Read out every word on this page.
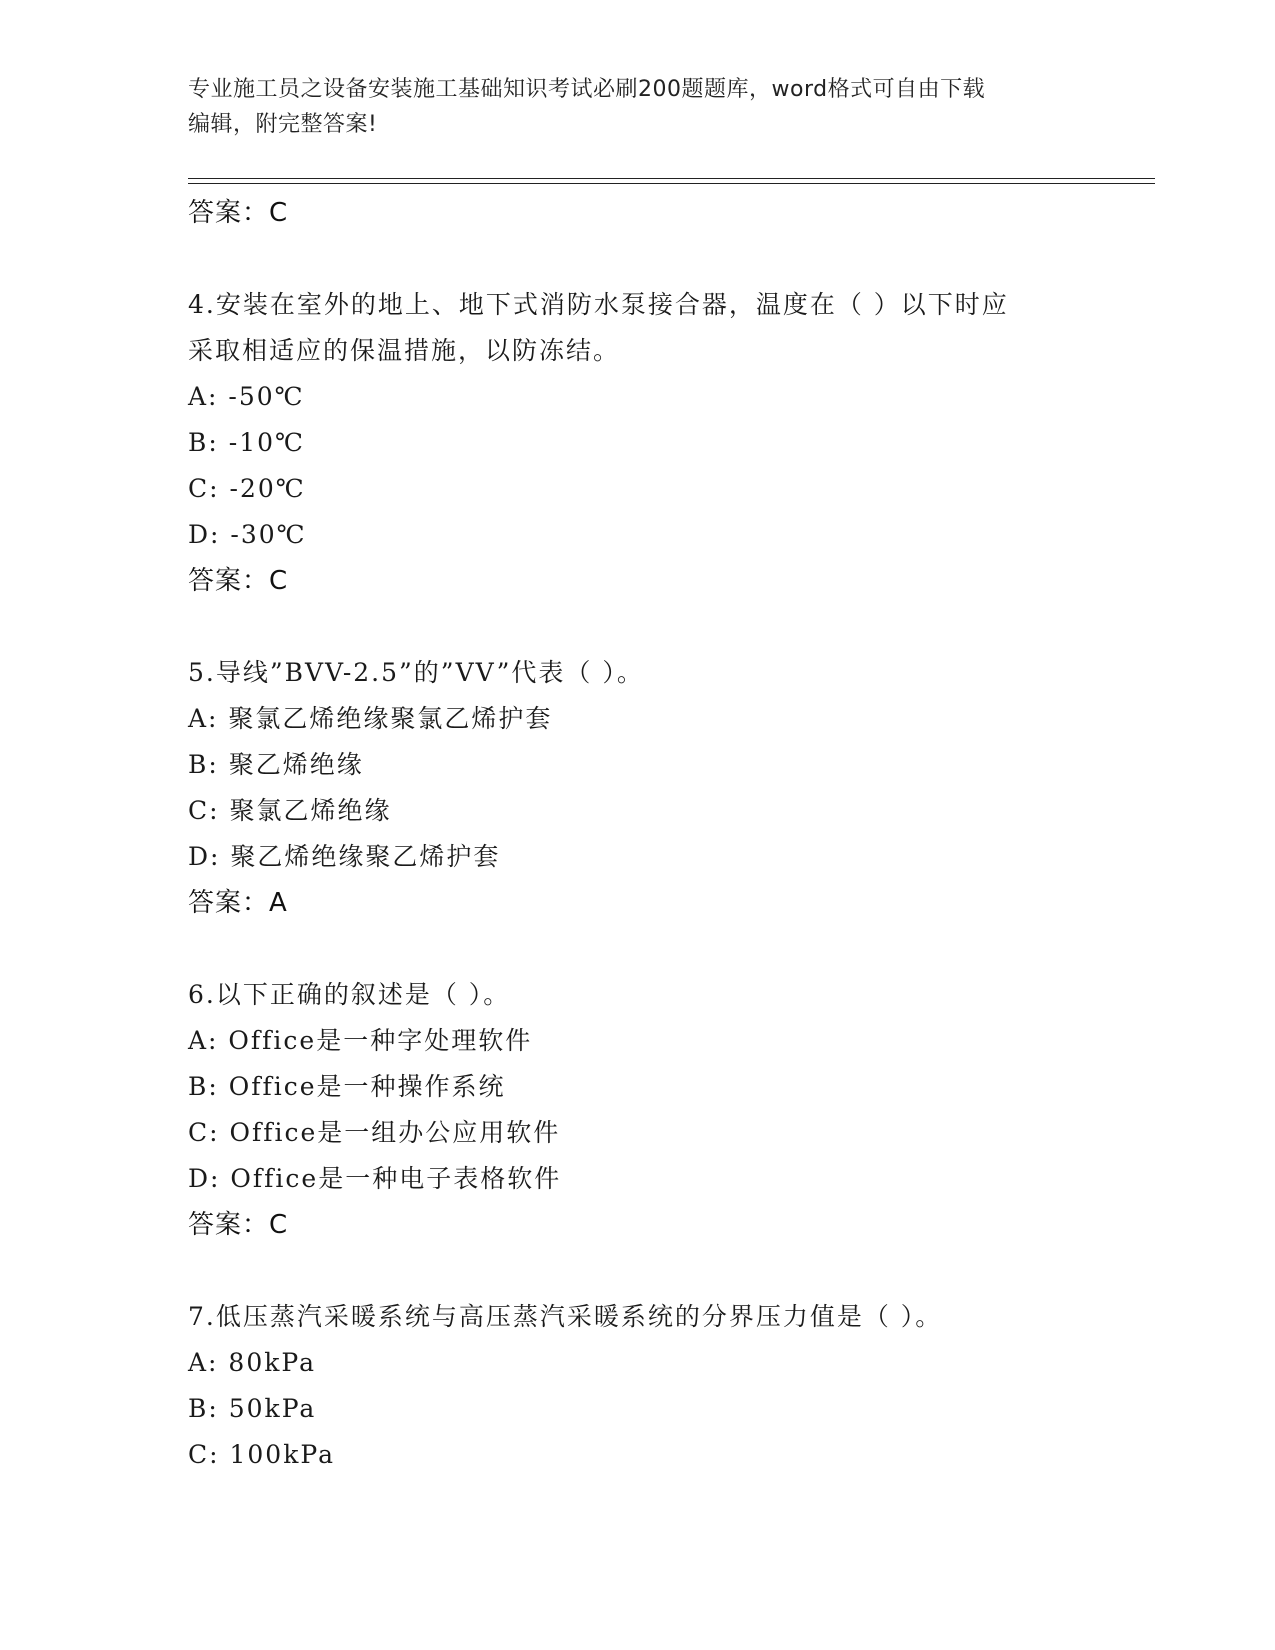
专业施工员之设备安装施工基础知识考试必刷200题题库，word格式可自由下载
编辑，附完整答案!
答案：C
4.安装在室外的地上、地下式消防水泵接合器，温度在（ ）以下时应
采取相适应的保温措施，以防冻结。
A: -50℃
B: -10℃
C: -20℃
D: -30℃
答案：C
5.导线”BVV-2.5”的”VV”代表（ ）。
A: 聚氯乙烯绝缘聚氯乙烯护套
B: 聚乙烯绝缘
C: 聚氯乙烯绝缘
D: 聚乙烯绝缘聚乙烯护套
答案：A
6.以下正确的叙述是（ ）。
A: Office是一种字处理软件
B: Office是一种操作系统
C: Office是一组办公应用软件
D: Office是一种电子表格软件
答案：C
7.低压蒸汽采暖系统与高压蒸汽采暖系统的分界压力值是（ ）。
A: 80kPa
B: 50kPa
C: 100kPa
